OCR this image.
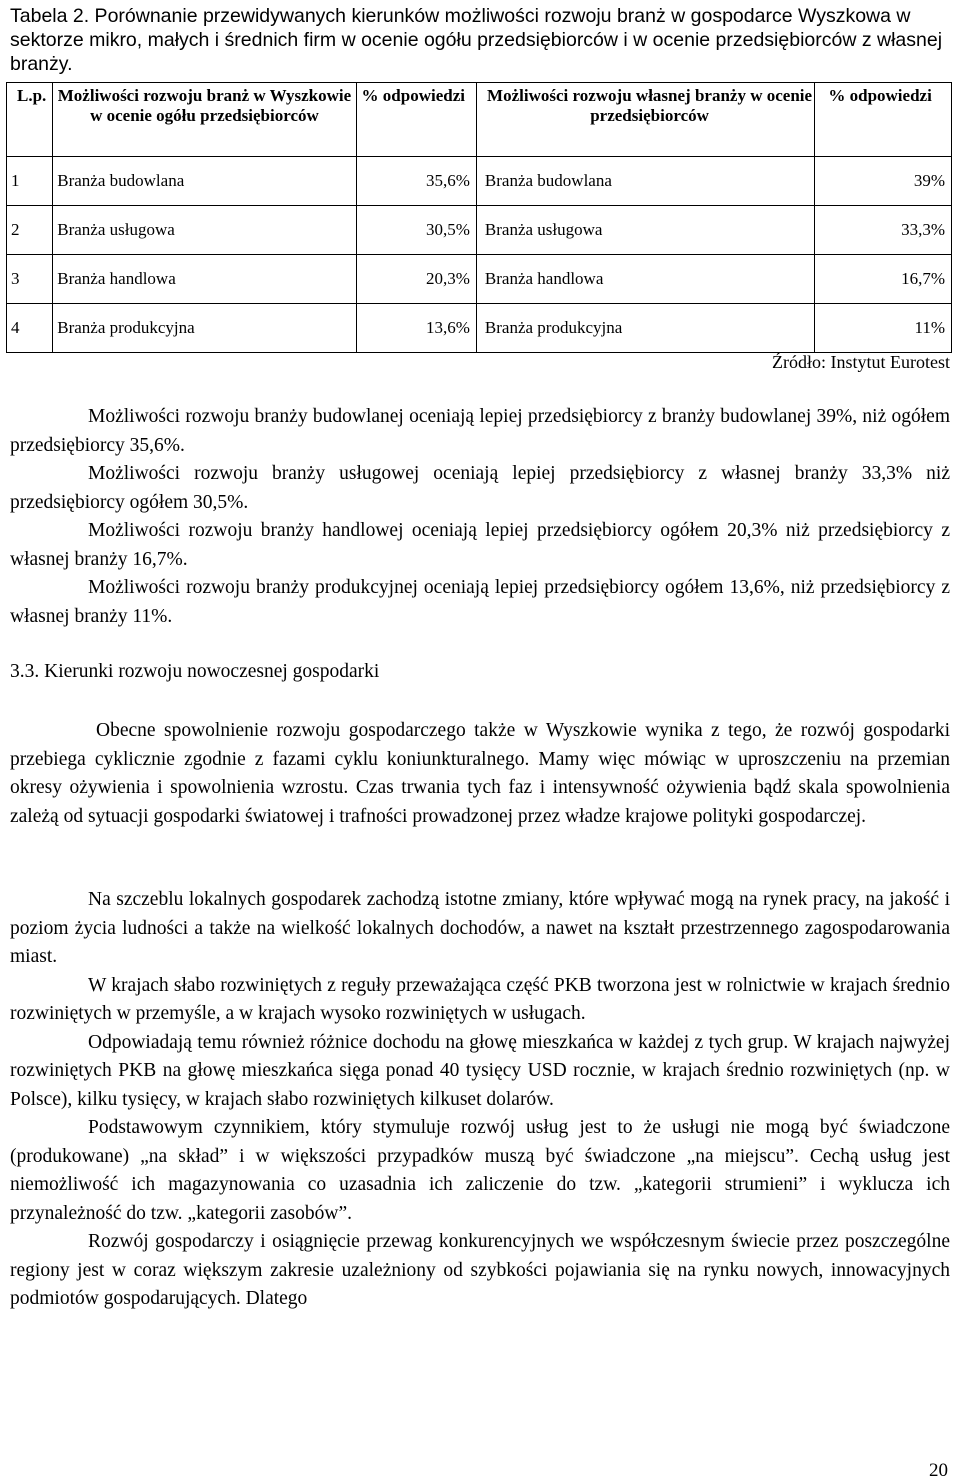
Tabela 2. Porównanie przewidywanych kierunków możliwości rozwoju branż w gospodarce Wyszkowa w sektorze mikro, małych i średnich firm w ocenie ogółu przedsiębiorców i w ocenie przedsiębiorców z własnej branży.
L.p.	Możliwości rozwoju branż w Wyszkowie w ocenie ogółu przedsiębiorców	% odpowiedzi	Możliwości rozwoju własnej branży w ocenie przedsiębiorców	% odpowiedzi
1	Branża budowlana	35,6%	Branża budowlana	39%
2	Branża usługowa	30,5%	Branża usługowa	33,3%
3	Branża handlowa	20,3%	Branża handlowa	16,7%
4	Branża produkcyjna	13,6%	Branża produkcyjna	11%
Źródło: Instytut Eurotest

Możliwości rozwoju branży budowlanej oceniają lepiej przedsiębiorcy z branży budowlanej 39%, niż ogółem przedsiębiorcy 35,6%.

Możliwości rozwoju branży usługowej oceniają lepiej przedsiębiorcy z własnej branży 33,3% niż przedsiębiorcy ogółem 30,5%.

Możliwości rozwoju branży handlowej oceniają lepiej przedsiębiorcy ogółem 20,3% niż przedsiębiorcy z własnej branży 16,7%.

Możliwości rozwoju branży produkcyjnej oceniają lepiej przedsiębiorcy ogółem 13,6%, niż przedsiębiorcy z własnej branży 11%.

3.3. Kierunki rozwoju nowoczesnej gospodarki

Obecne spowolnienie rozwoju gospodarczego także w Wyszkowie wynika z tego, że rozwój gospodarki przebiega cyklicznie zgodnie z fazami cyklu koniunkturalnego. Mamy więc mówiąc w uproszczeniu na przemian okresy ożywienia i spowolnienia wzrostu. Czas trwania tych faz i intensywność ożywienia bądź skala spowolnienia zależą od sytuacji gospodarki światowej i trafności prowadzonej przez władze krajowe polityki gospodarczej.

Na szczeblu lokalnych gospodarek zachodzą istotne zmiany, które wpływać mogą na rynek pracy, na jakość i poziom życia ludności a także na wielkość lokalnych dochodów, a nawet na kształt przestrzennego zagospodarowania miast.

W krajach słabo rozwiniętych z reguły przeważająca część PKB tworzona jest w rolnictwie w krajach średnio rozwiniętych w przemyśle, a w krajach wysoko rozwiniętych w usługach.

Odpowiadają temu również różnice dochodu na głowę mieszkańca w każdej z tych grup. W krajach najwyżej rozwiniętych PKB na głowę mieszkańca sięga ponad 40 tysięcy USD rocznie, w krajach średnio rozwiniętych (np. w Polsce), kilku tysięcy, w krajach słabo rozwiniętych kilkuset dolarów.

Podstawowym czynnikiem, który stymuluje rozwój usług jest to że usługi nie mogą być świadczone (produkowane) „na skład” i w większości przypadków muszą być świadczone „na miejscu”. Cechą usług jest niemożliwość ich magazynowania co uzasadnia ich zaliczenie do tzw. „kategorii strumieni” i wyklucza ich przynależność do tzw. „kategorii zasobów”.

Rozwój gospodarczy i osiągnięcie przewag konkurencyjnych we współczesnym świecie przez poszczególne regiony jest w coraz większym zakresie uzależniony od szybkości pojawiania się na rynku nowych, innowacyjnych podmiotów gospodarujących. Dlatego

20
